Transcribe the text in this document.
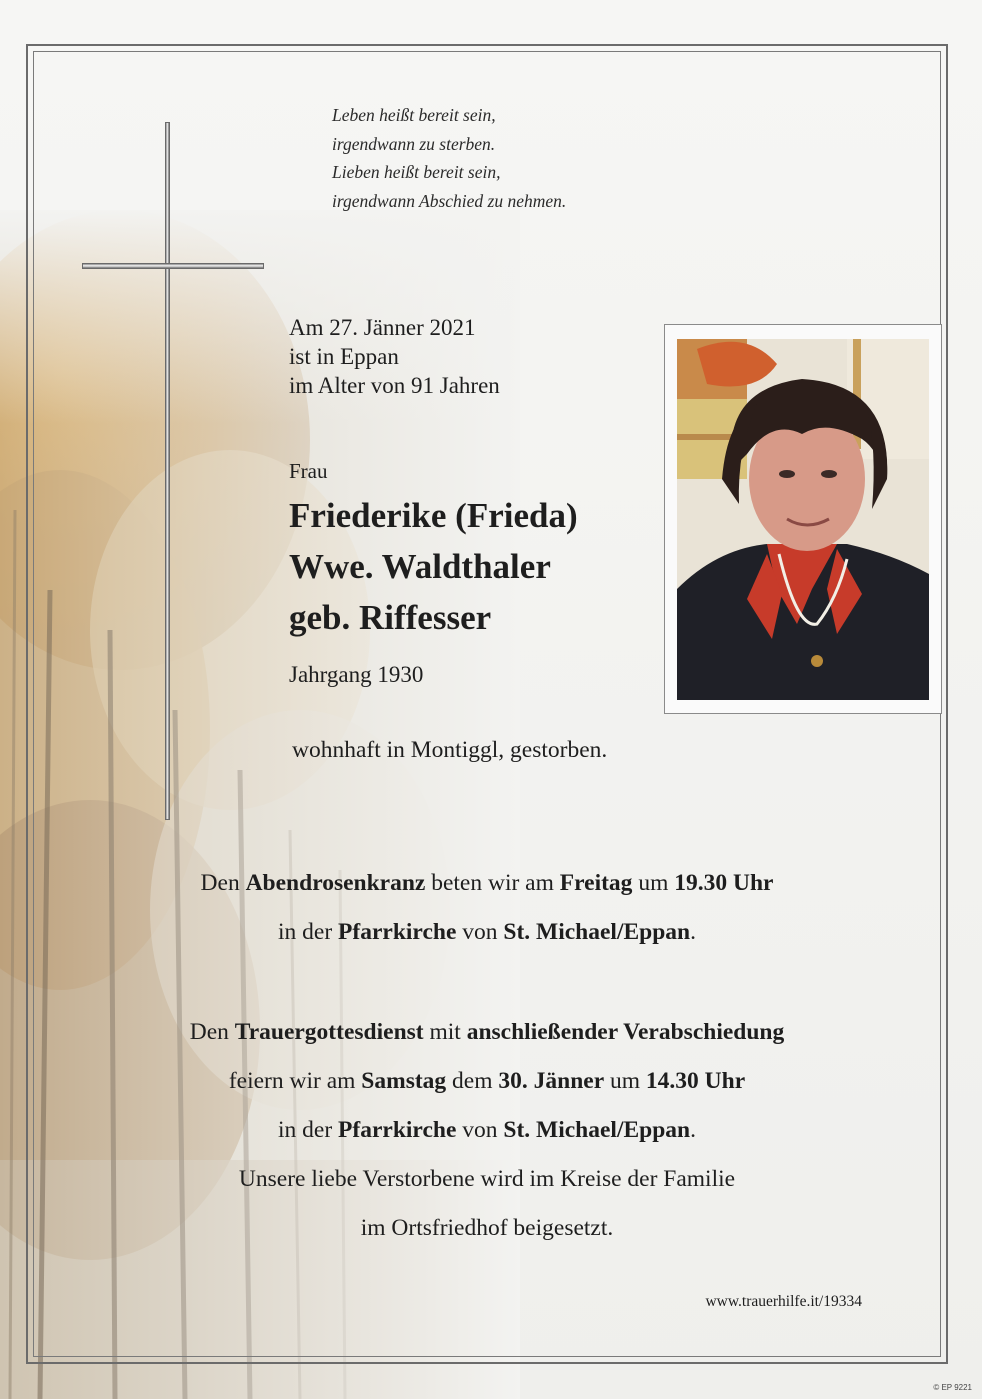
Leben heißt bereit sein,
irgendwann zu sterben.
Lieben heißt bereit sein,
irgendwann Abschied zu nehmen.
Am 27. Jänner 2021
ist in Eppan
im Alter von 91 Jahren
Frau
Friederike (Frieda)
Wwe. Waldthaler
geb. Riffesser
Jahrgang 1930
wohnhaft in Montiggl, gestorben.
Den Abendrosenkranz beten wir am Freitag um 19.30 Uhr
in der Pfarrkirche von St. Michael/Eppan.
Den Trauergottesdienst mit anschließender Verabschiedung
feiern wir am Samstag dem 30. Jänner um 14.30 Uhr
in der Pfarrkirche von St. Michael/Eppan.
Unsere liebe Verstorbene wird im Kreise der Familie
im Ortsfriedhof beigesetzt.
www.trauerhilfe.it/19334
© EP 9221
